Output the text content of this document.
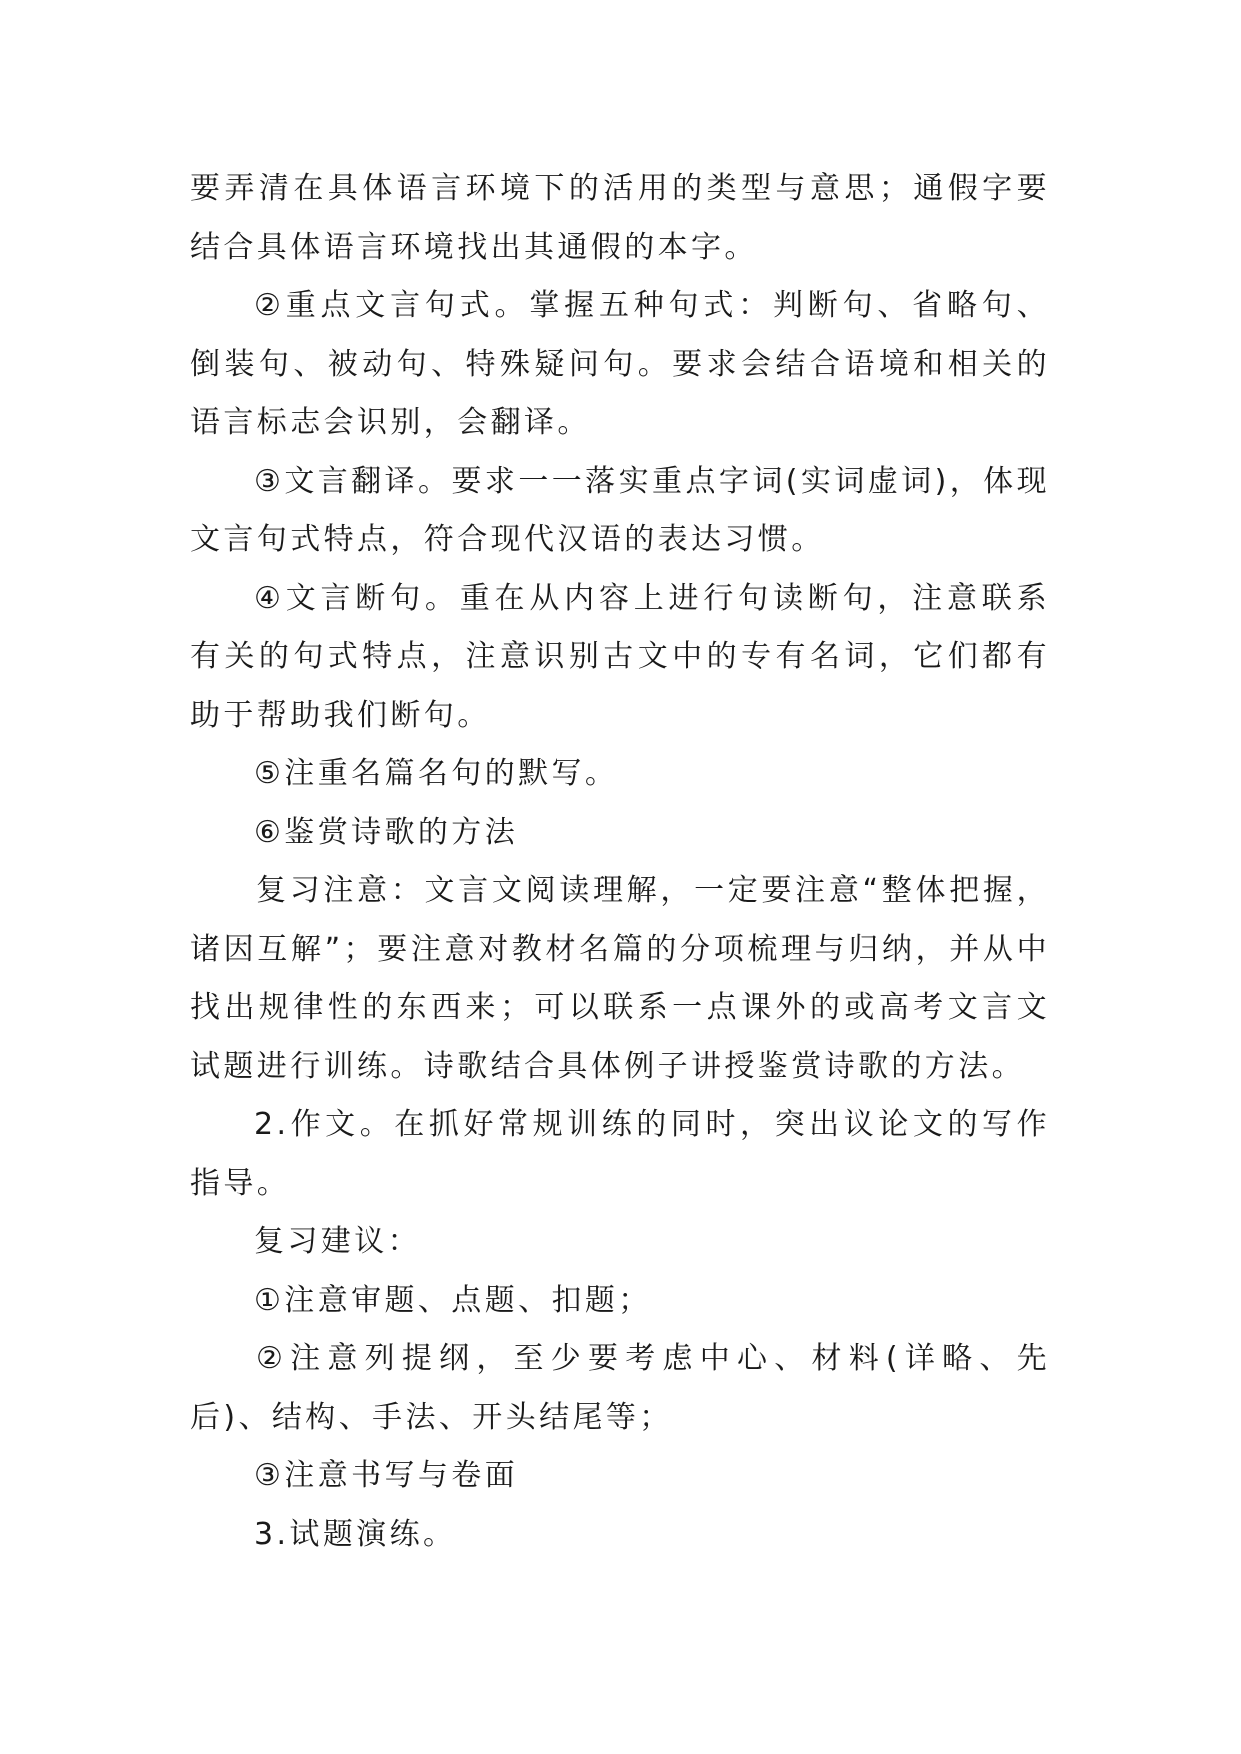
要弄清在具体语言环境下的活用的类型与意思；通假字要结合具体语言环境找出其通假的本字。

②重点文言句式。掌握五种句式：判断句、省略句、倒装句、被动句、特殊疑问句。要求会结合语境和相关的语言标志会识别，会翻译。

③文言翻译。要求一一落实重点字词(实词虚词)，体现文言句式特点，符合现代汉语的表达习惯。

④文言断句。重在从内容上进行句读断句，注意联系有关的句式特点，注意识别古文中的专有名词，它们都有助于帮助我们断句。

⑤注重名篇名句的默写。

⑥鉴赏诗歌的方法

复习注意：文言文阅读理解，一定要注意“整体把握，诸因互解”；要注意对教材名篇的分项梳理与归纳，并从中找出规律性的东西来；可以联系一点课外的或高考文言文试题进行训练。诗歌结合具体例子讲授鉴赏诗歌的方法。

2.作文。在抓好常规训练的同时，突出议论文的写作指导。

复习建议：

①注意审题、点题、扣题；

②注意列提纲，至少要考虑中心、材料(详略、先后)、结构、手法、开头结尾等；

③注意书写与卷面

3.试题演练。
